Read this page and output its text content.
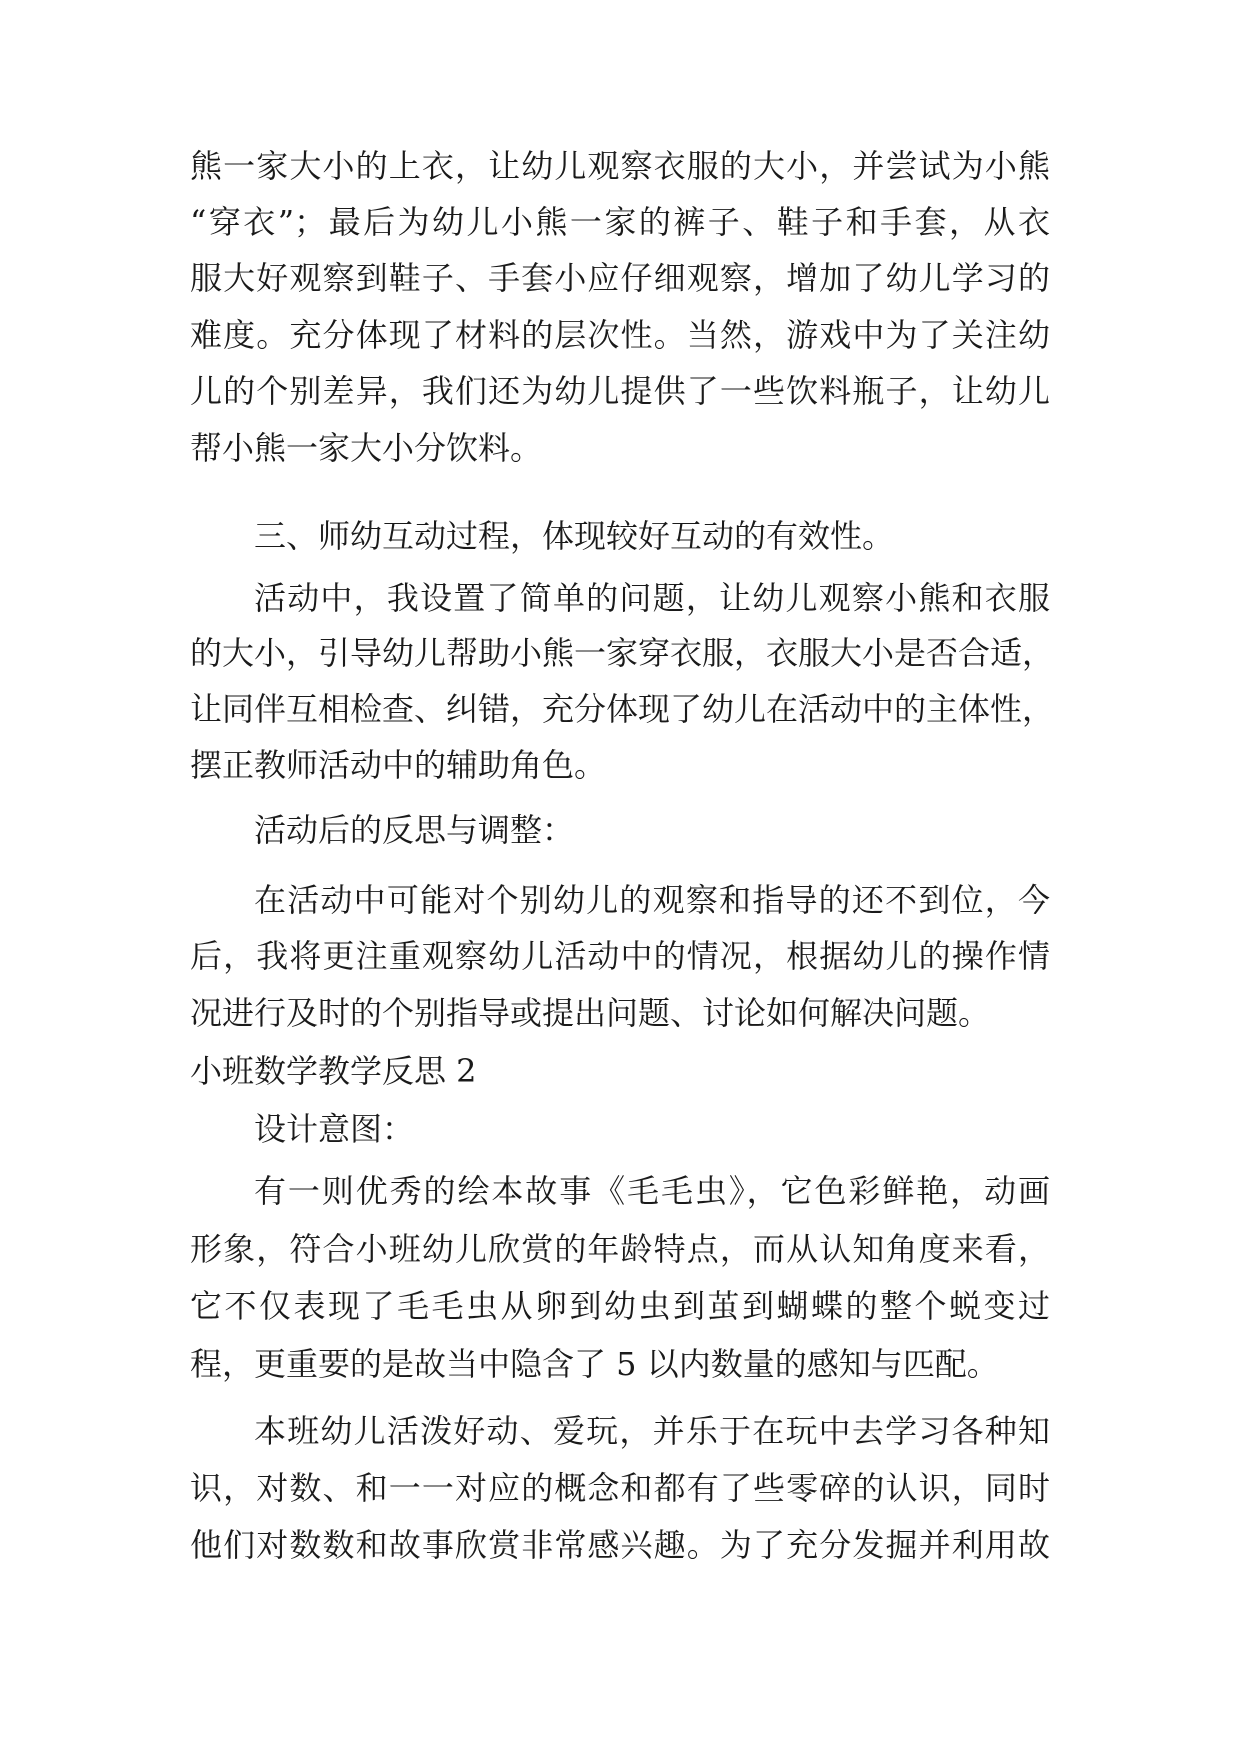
熊一家大小的上衣，让幼儿观察衣服的大小，并尝试为小熊
“穿衣”；最后为幼儿小熊一家的裤子、鞋子和手套，从衣
服大好观察到鞋子、手套小应仔细观察，增加了幼儿学习的
难度。充分体现了材料的层次性。当然，游戏中为了关注幼
儿的个别差异，我们还为幼儿提供了一些饮料瓶子，让幼儿
帮小熊一家大小分饮料。
三、师幼互动过程，体现较好互动的有效性。
活动中，我设置了简单的问题，让幼儿观察小熊和衣服
的大小，引导幼儿帮助小熊一家穿衣服，衣服大小是否合适，
让同伴互相检查、纠错，充分体现了幼儿在活动中的主体性，
摆正教师活动中的辅助角色。
活动后的反思与调整：
在活动中可能对个别幼儿的观察和指导的还不到位，今
后，我将更注重观察幼儿活动中的情况，根据幼儿的操作情
况进行及时的个别指导或提出问题、讨论如何解决问题。
小班数学教学反思 2
设计意图：
有一则优秀的绘本故事《毛毛虫》，它色彩鲜艳，动画
形象，符合小班幼儿欣赏的年龄特点，而从认知角度来看，
它不仅表现了毛毛虫从卵到幼虫到茧到蝴蝶的整个蜕变过
程，更重要的是故当中隐含了 5 以内数量的感知与匹配。
本班幼儿活泼好动、爱玩，并乐于在玩中去学习各种知
识，对数、和一一对应的概念和都有了些零碎的认识，同时
他们对数数和故事欣赏非常感兴趣。为了充分发掘并利用故
